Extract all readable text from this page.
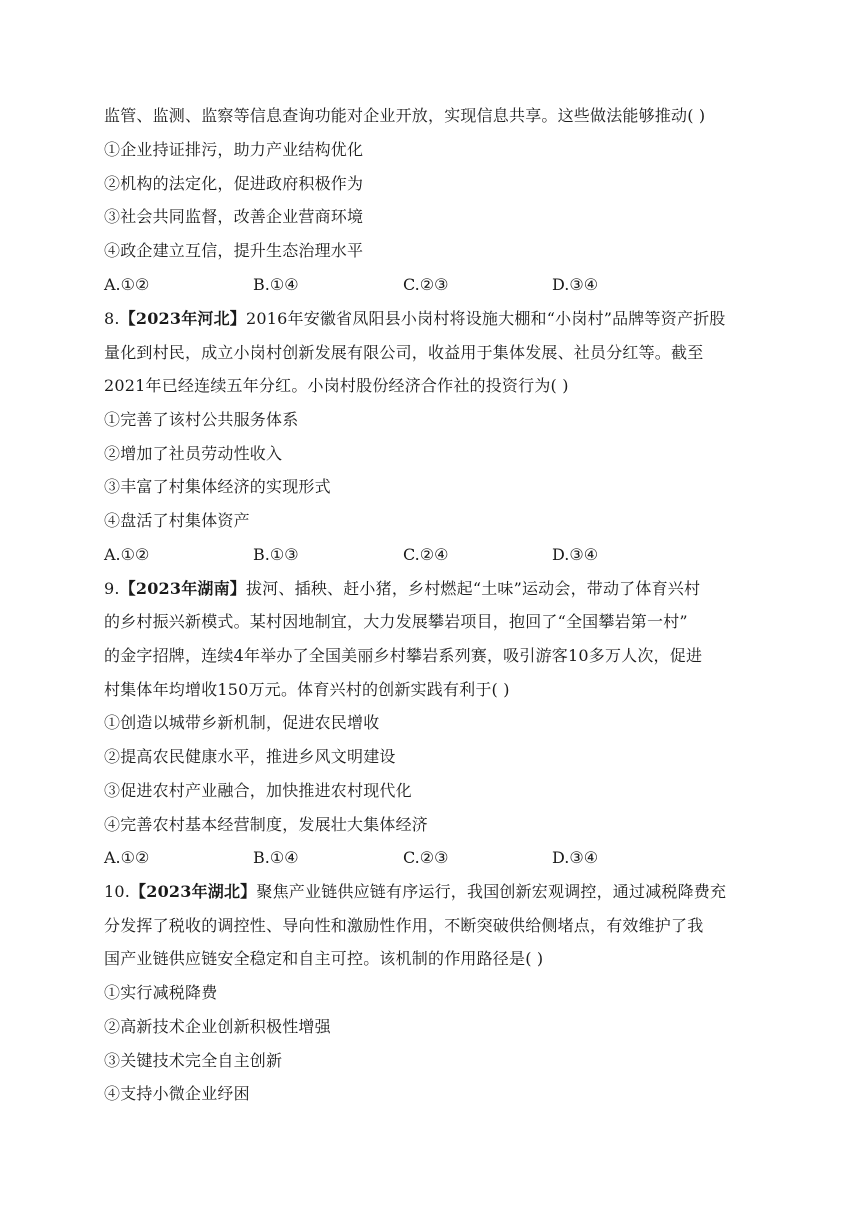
监管、监测、监察等信息查询功能对企业开放，实现信息共享。这些做法能够推动( )
①企业持证排污，助力产业结构优化
②机构的法定化，促进政府积极作为
③社会共同监督，改善企业营商环境
④政企建立互信，提升生态治理水平
A.①②	B.①④	C.②③	D.③④
8.【2023年河北】2016年安徽省凤阳县小岗村将设施大棚和“小岗村”品牌等资产折股
量化到村民，成立小岗村创新发展有限公司，收益用于集体发展、社员分红等。截至
2021年已经连续五年分红。小岗村股份经济合作社的投资行为( )
①完善了该村公共服务体系
②增加了社员劳动性收入
③丰富了村集体经济的实现形式
④盘活了村集体资产
A.①②	B.①③	C.②④	D.③④
9.【2023年湖南】拔河、插秧、赶小猪，乡村燃起“土味”运动会，带动了体育兴村
的乡村振兴新模式。某村因地制宜，大力发展攀岩项目，抱回了“全国攀岩第一村”
的金字招牌，连续4年举办了全国美丽乡村攀岩系列赛，吸引游客10多万人次，促进
村集体年均增收150万元。体育兴村的创新实践有利于( )
①创造以城带乡新机制，促进农民增收
②提高农民健康水平，推进乡风文明建设
③促进农村产业融合，加快推进农村现代化
④完善农村基本经营制度，发展壮大集体经济
A.①②	B.①④	C.②③	D.③④
10.【2023年湖北】聚焦产业链供应链有序运行，我国创新宏观调控，通过减税降费充
分发挥了税收的调控性、导向性和激励性作用，不断突破供给侧堵点，有效维护了我
国产业链供应链安全稳定和自主可控。该机制的作用路径是( )
①实行减税降费
②高新技术企业创新积极性增强
③关键技术完全自主创新
④支持小微企业纾困
